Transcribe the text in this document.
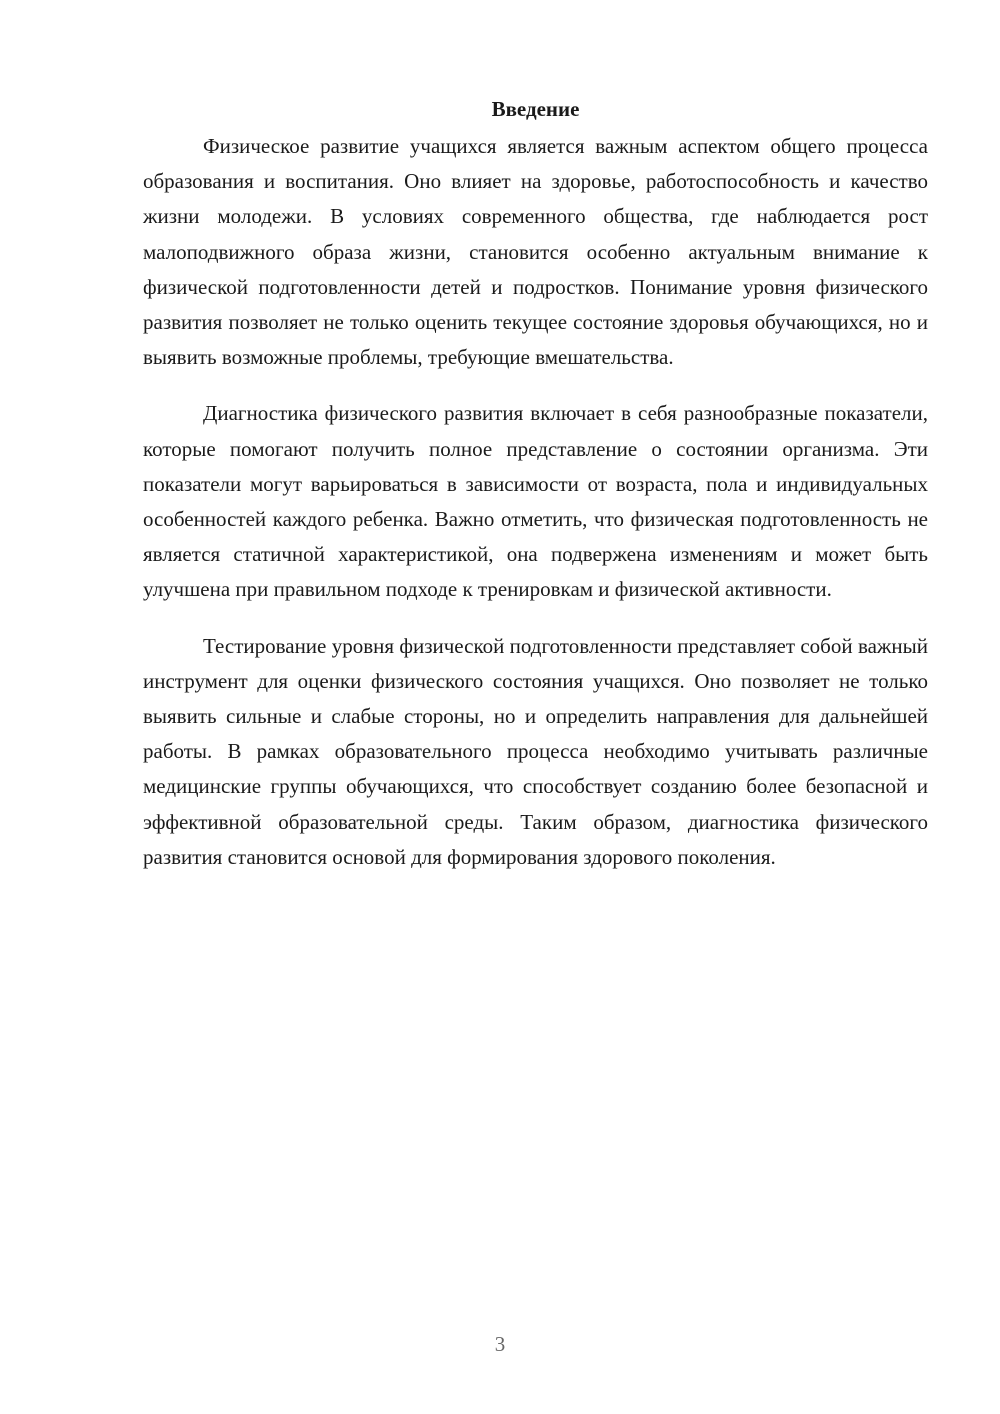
Введение

Физическое развитие учащихся является важным аспектом общего процесса образования и воспитания. Оно влияет на здоровье, работоспособность и качество жизни молодежи. В условиях современного общества, где наблюдается рост малоподвижного образа жизни, становится особенно актуальным внимание к физической подготовленности детей и подростков. Понимание уровня физического развития позволяет не только оценить текущее состояние здоровья обучающихся, но и выявить возможные проблемы, требующие вмешательства.

Диагностика физического развития включает в себя разнообразные показатели, которые помогают получить полное представление о состоянии организма. Эти показатели могут варьироваться в зависимости от возраста, пола и индивидуальных особенностей каждого ребенка. Важно отметить, что физическая подготовленность не является статичной характеристикой, она подвержена изменениям и может быть улучшена при правильном подходе к тренировкам и физической активности.

Тестирование уровня физической подготовленности представляет собой важный инструмент для оценки физического состояния учащихся. Оно позволяет не только выявить сильные и слабые стороны, но и определить направления для дальнейшей работы. В рамках образовательного процесса необходимо учитывать различные медицинские группы обучающихся, что способствует созданию более безопасной и эффективной образовательной среды. Таким образом, диагностика физического развития становится основой для формирования здорового поколения.

3
